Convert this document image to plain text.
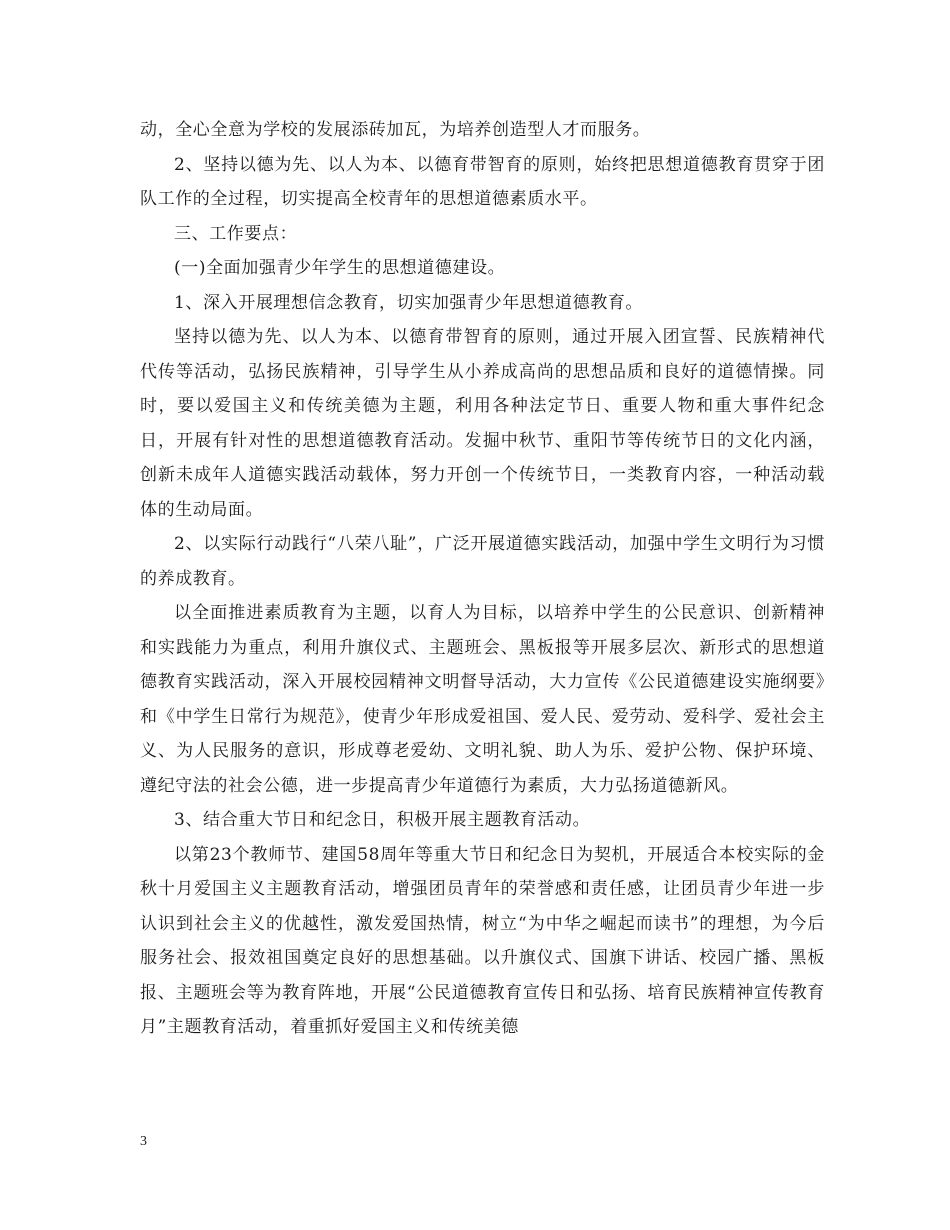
动，全心全意为学校的发展添砖加瓦，为培养创造型人才而服务。

2、坚持以德为先、以人为本、以德育带智育的原则，始终把思想道德教育贯穿于团队工作的全过程，切实提高全校青年的思想道德素质水平。

三、工作要点：

(一)全面加强青少年学生的思想道德建设。

1、深入开展理想信念教育，切实加强青少年思想道德教育。

坚持以德为先、以人为本、以德育带智育的原则，通过开展入团宣誓、民族精神代代传等活动，弘扬民族精神，引导学生从小养成高尚的思想品质和良好的道德情操。同时，要以爱国主义和传统美德为主题，利用各种法定节日、重要人物和重大事件纪念日，开展有针对性的思想道德教育活动。发掘中秋节、重阳节等传统节日的文化内涵，创新未成年人道德实践活动载体，努力开创一个传统节日，一类教育内容，一种活动载体的生动局面。

2、以实际行动践行“八荣八耻”，广泛开展道德实践活动，加强中学生文明行为习惯的养成教育。

以全面推进素质教育为主题，以育人为目标，以培养中学生的公民意识、创新精神和实践能力为重点，利用升旗仪式、主题班会、黑板报等开展多层次、新形式的思想道德教育实践活动，深入开展校园精神文明督导活动，大力宣传《公民道德建设实施纲要》和《中学生日常行为规范》，使青少年形成爱祖国、爱人民、爱劳动、爱科学、爱社会主义、为人民服务的意识，形成尊老爱幼、文明礼貌、助人为乐、爱护公物、保护环境、遵纪守法的社会公德，进一步提高青少年道德行为素质，大力弘扬道德新风。

3、结合重大节日和纪念日，积极开展主题教育活动。

以第23个教师节、建国58周年等重大节日和纪念日为契机，开展适合本校实际的金秋十月爱国主义主题教育活动，增强团员青年的荣誉感和责任感，让团员青少年进一步认识到社会主义的优越性，激发爱国热情，树立“为中华之崛起而读书”的理想，为今后服务社会、报效祖国奠定良好的思想基础。以升旗仪式、国旗下讲话、校园广播、黑板报、主题班会等为教育阵地，开展“公民道德教育宣传日和弘扬、培育民族精神宣传教育月”主题教育活动，着重抓好爱国主义和传统美德

3
